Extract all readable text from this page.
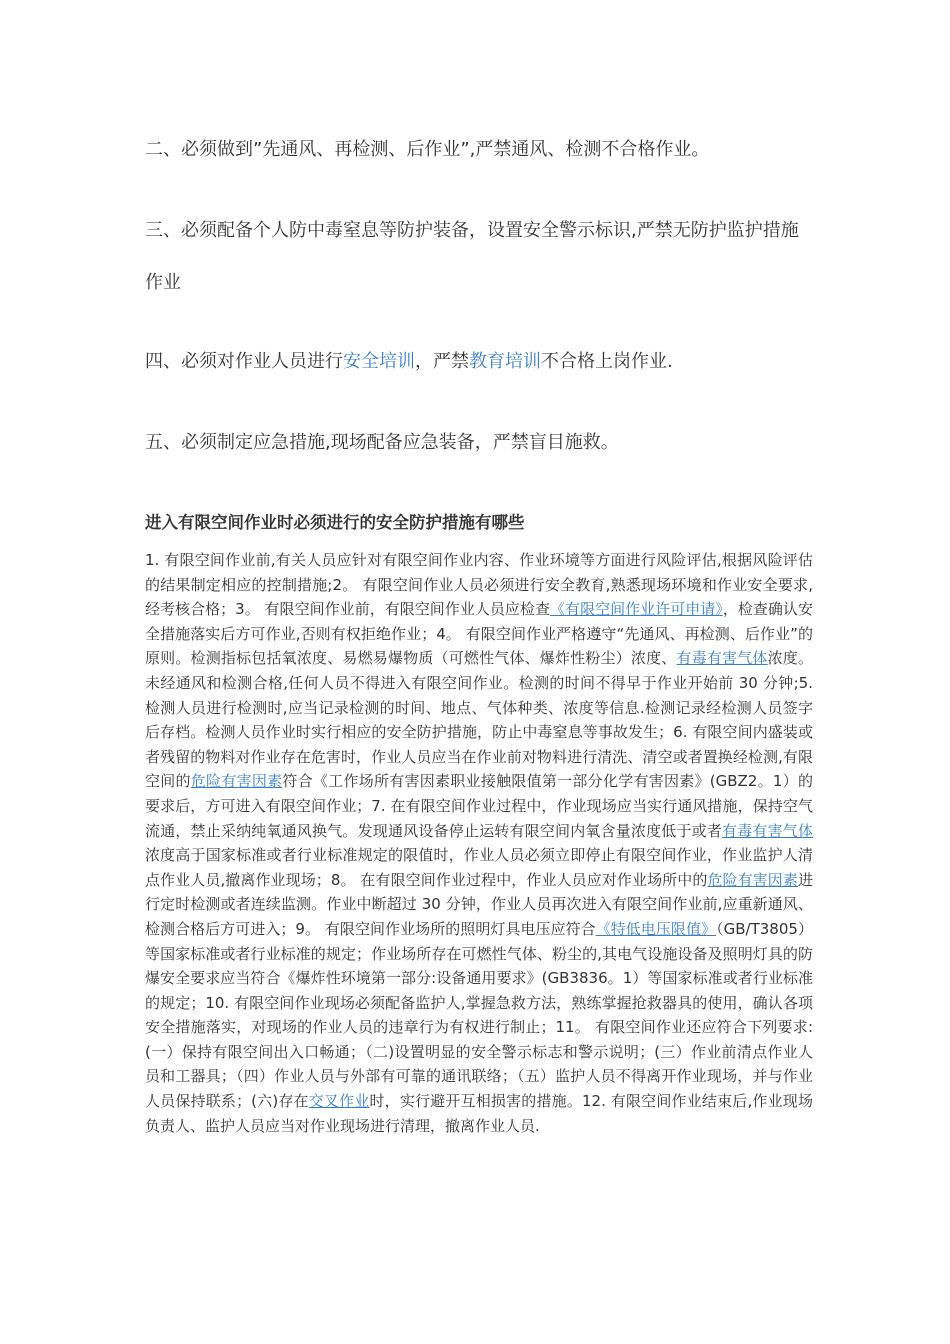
二、必须做到”先通风、再检测、后作业”,严禁通风、检测不合格作业。

三、必须配备个人防中毒窒息等防护装备，设置安全警示标识,严禁无防护监护措施作业

四、必须对作业人员进行安全培训，严禁教育培训不合格上岗作业.

五、必须制定应急措施,现场配备应急装备，严禁盲目施救。

进入有限空间作业时必须进行的安全防护措施有哪些

1. 有限空间作业前,有关人员应针对有限空间作业内容、作业环境等方面进行风险评估,根据风险评估的结果制定相应的控制措施;2。 有限空间作业人员必须进行安全教育,熟悉现场环境和作业安全要求,经考核合格；3。 有限空间作业前，有限空间作业人员应检查《有限空间作业许可申请》，检查确认安全措施落实后方可作业,否则有权拒绝作业；4。 有限空间作业严格遵守“先通风、再检测、后作业”的原则。检测指标包括氧浓度、易燃易爆物质（可燃性气体、爆炸性粉尘）浓度、有毒有害气体浓度。未经通风和检测合格,任何人员不得进入有限空间作业。检测的时间不得早于作业开始前 30 分钟;5. 检测人员进行检测时,应当记录检测的时间、地点、气体种类、浓度等信息.检测记录经检测人员签字后存档。检测人员作业时实行相应的安全防护措施，防止中毒窒息等事故发生；6. 有限空间内盛装或者残留的物料对作业存在危害时，作业人员应当在作业前对物料进行清洗、清空或者置换经检测,有限空间的危险有害因素符合《工作场所有害因素职业接触限值第一部分化学有害因素》(GBZ2。1）的要求后，方可进入有限空间作业；7. 在有限空间作业过程中，作业现场应当实行通风措施，保持空气流通，禁止采纳纯氧通风换气。发现通风设备停止运转有限空间内氧含量浓度低于或者有毒有害气体浓度高于国家标准或者行业标准规定的限值时，作业人员必须立即停止有限空间作业，作业监护人清点作业人员,撤离作业现场；8。 在有限空间作业过程中，作业人员应对作业场所中的危险有害因素进行定时检测或者连续监测。作业中断超过 30 分钟，作业人员再次进入有限空间作业前,应重新通风、检测合格后方可进入；9。 有限空间作业场所的照明灯具电压应符合《特低电压限值》（GB/T3805）等国家标准或者行业标准的规定；作业场所存在可燃性气体、粉尘的,其电气设施设备及照明灯具的防爆安全要求应当符合《爆炸性环境第一部分:设备通用要求》(GB3836。1）等国家标准或者行业标准的规定；10. 有限空间作业现场必须配备监护人,掌握急救方法，熟练掌握抢救器具的使用，确认各项安全措施落实，对现场的作业人员的违章行为有权进行制止；11。 有限空间作业还应符合下列要求:(一）保持有限空间出入口畅通；（二)设置明显的安全警示标志和警示说明；(三）作业前清点作业人员和工器具；（四）作业人员与外部有可靠的通讯联络；（五）监护人员不得离开作业现场，并与作业人员保持联系；(六)存在交叉作业时，实行避开互相损害的措施。12. 有限空间作业结束后,作业现场负责人、监护人员应当对作业现场进行清理，撤离作业人员.
